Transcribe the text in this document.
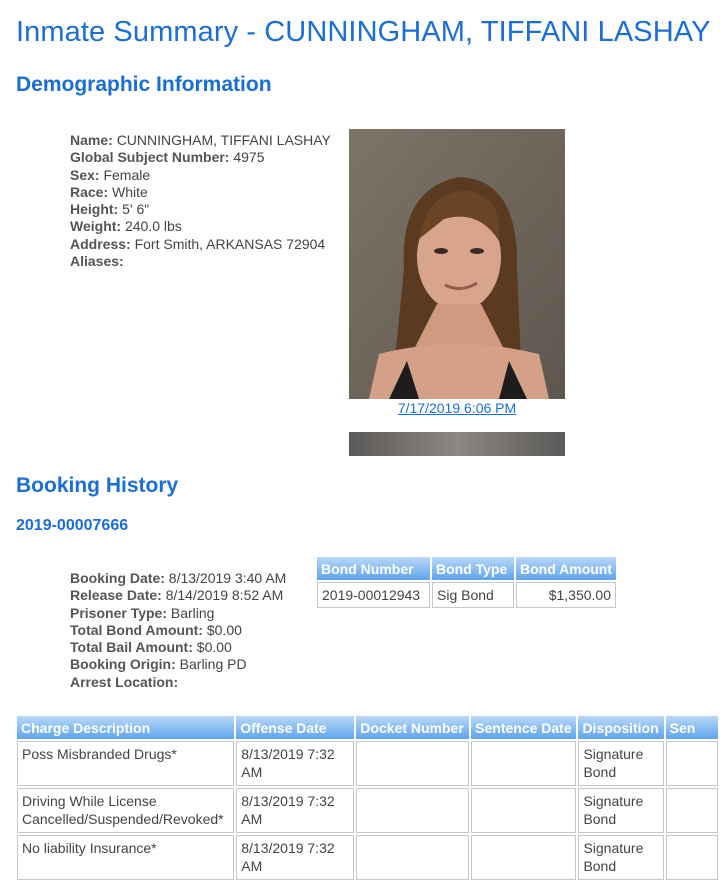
Inmate Summary - CUNNINGHAM, TIFFANI LASHAY
Demographic Information
Name: CUNNINGHAM, TIFFANI LASHAY
Global Subject Number: 4975
Sex: Female
Race: White
Height: 5' 6"
Weight: 240.0 lbs
Address: Fort Smith, ARKANSAS 72904
Aliases:
7/17/2019 6:06 PM
Booking History
2019-00007666
Booking Date: 8/13/2019 3:40 AM
Release Date: 8/14/2019 8:52 AM
Prisoner Type: Barling
Total Bond Amount: $0.00
Total Bail Amount: $0.00
Booking Origin: Barling PD
Arrest Location:
Bond Number	Bond Type	Bond Amount
2019-00012943	Sig Bond	$1,350.00
Charge Description	Offense Date	Docket Number	Sentence Date	Disposition	Sen
Poss Misbranded Drugs*	8/13/2019 7:32 AM			Signature Bond	
Driving While License Cancelled/Suspended/Revoked*	8/13/2019 7:32 AM			Signature Bond	
No liability Insurance*	8/13/2019 7:32 AM			Signature Bond	
